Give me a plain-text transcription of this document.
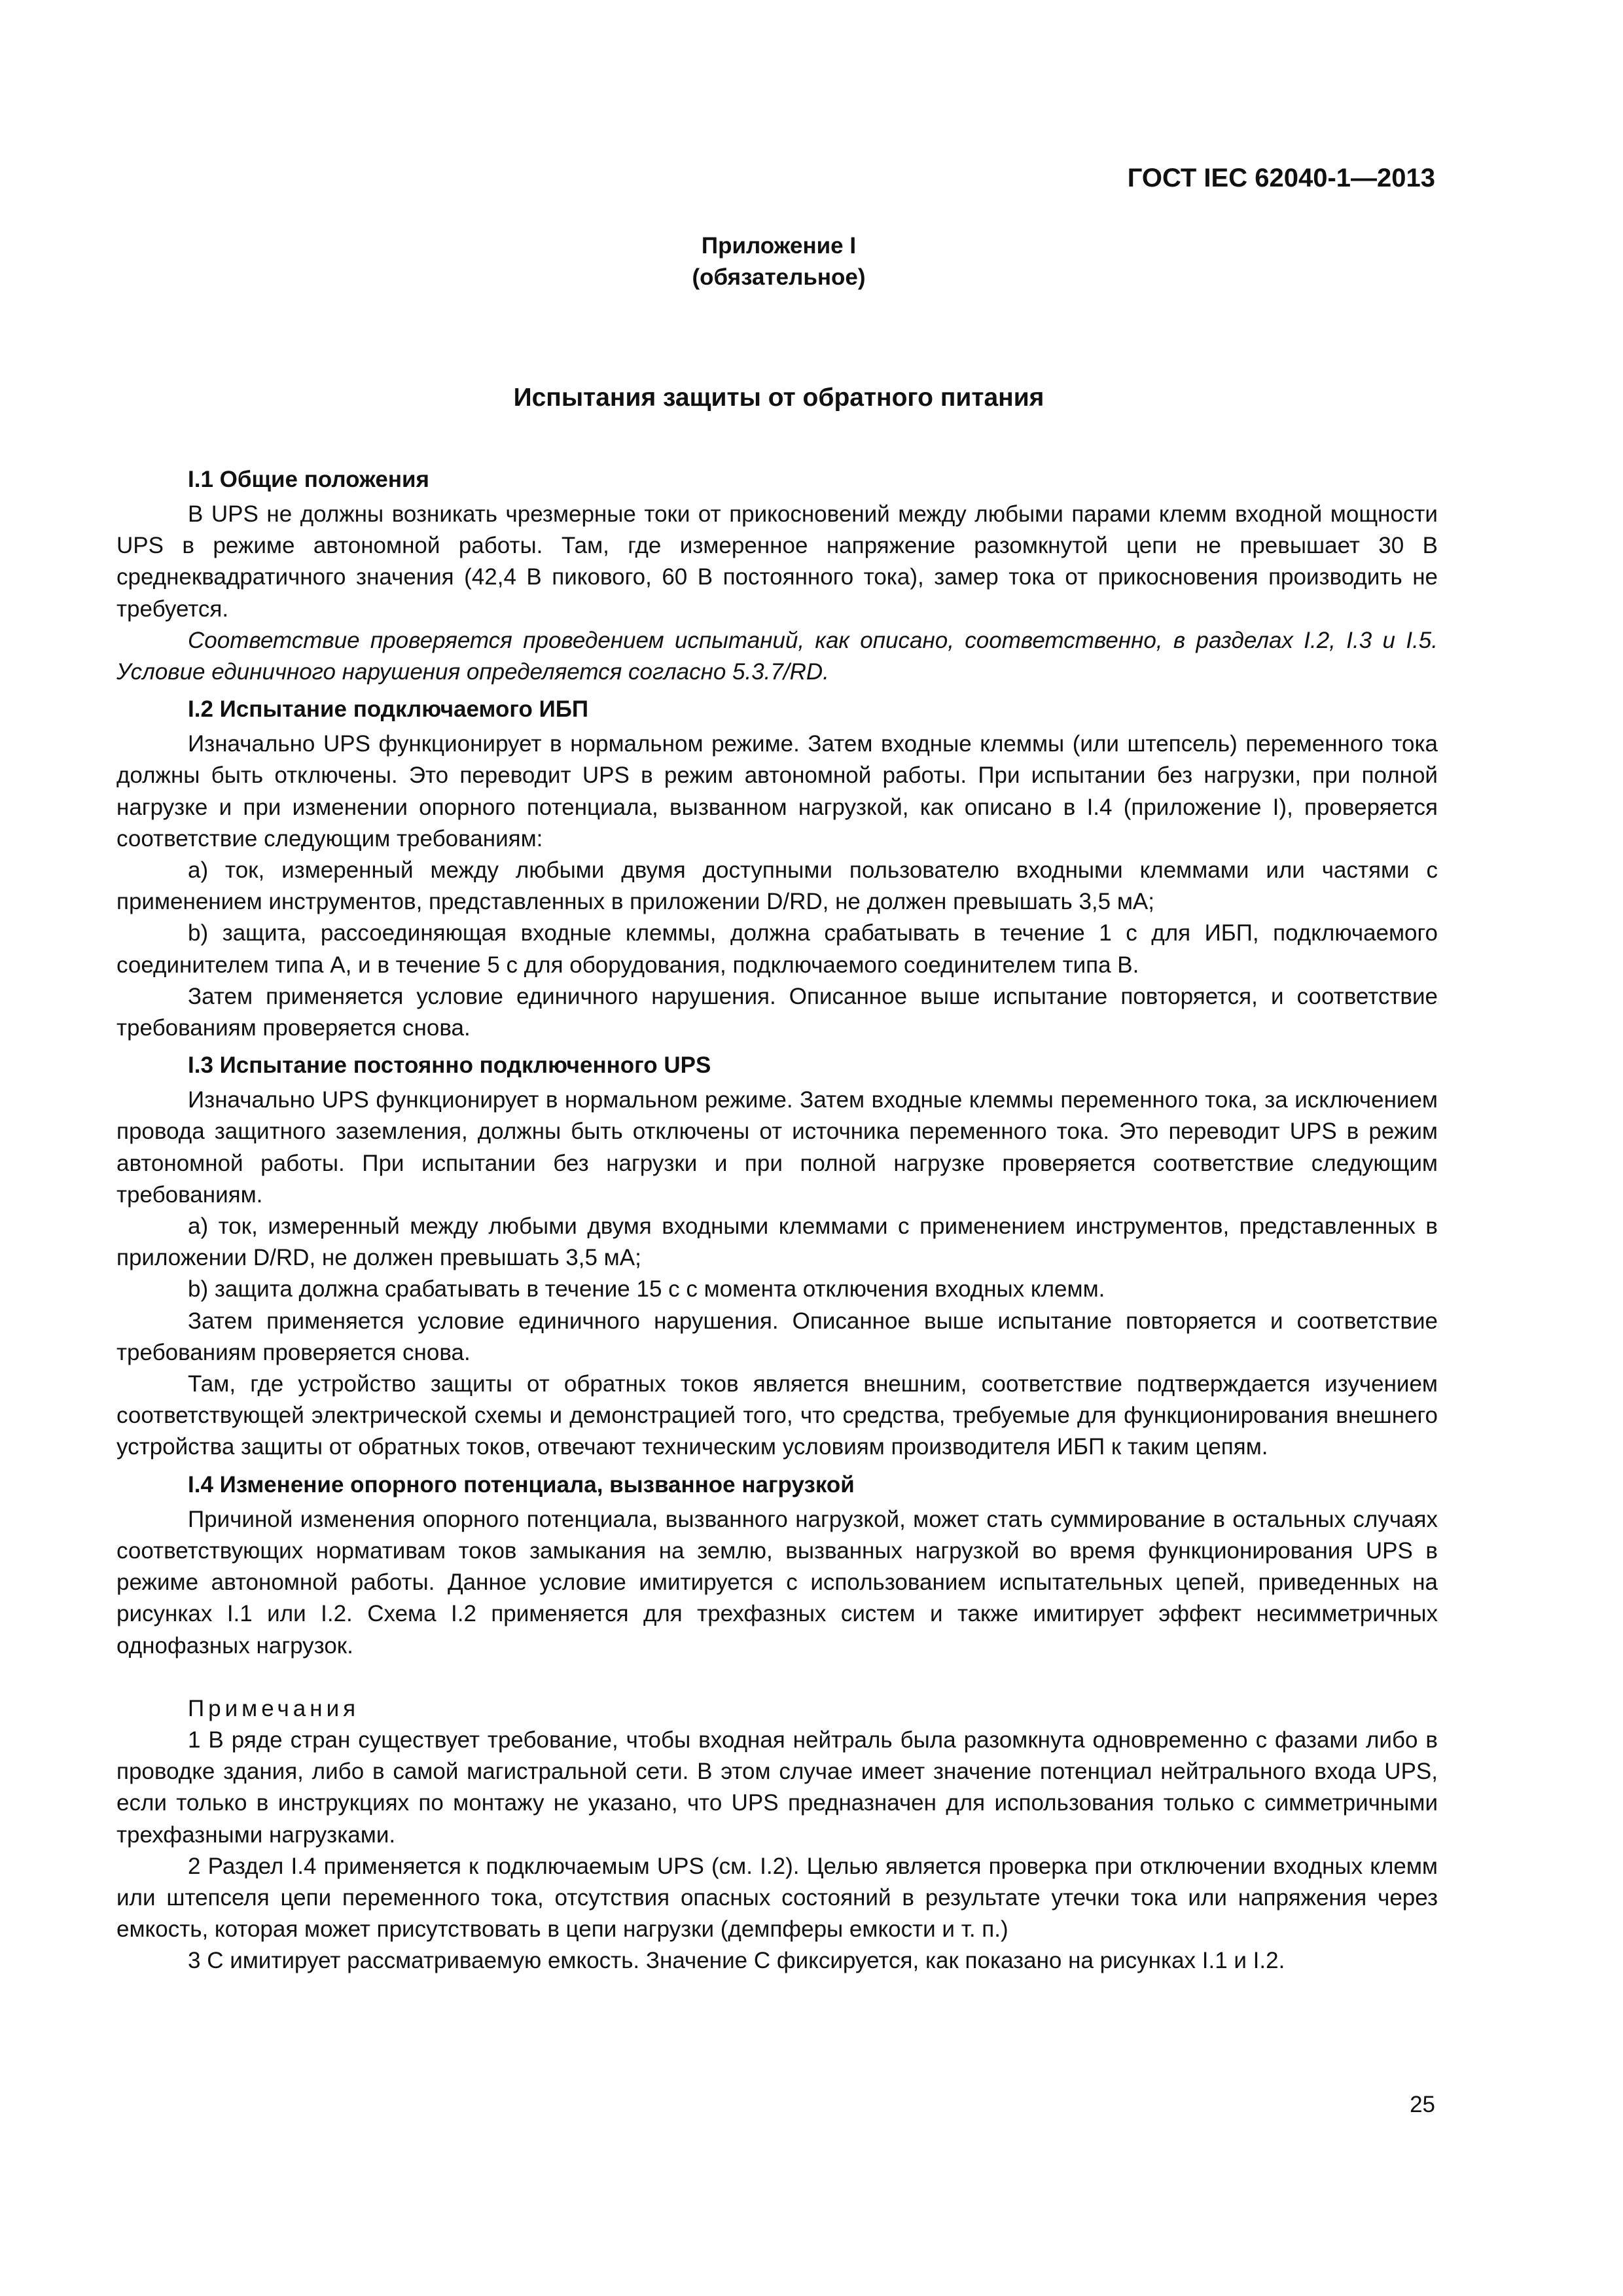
ГОСТ IEC 62040-1—2013
Приложение I
(обязательное)
Испытания защиты от обратного питания
I.1 Общие положения

В UPS не должны возникать чрезмерные токи от прикосновений между любыми парами клемм входной мощности UPS в режиме автономной работы. Там, где измеренное напряжение разомкнутой цепи не превышает 30 В среднеквадратичного значения (42,4 В пикового, 60 В постоянного тока), замер тока от прикосновения производить не требуется.

Соответствие проверяется проведением испытаний, как описано, соответственно, в разделах I.2, I.3 и I.5. Условие единичного нарушения определяется согласно 5.3.7/RD.

I.2 Испытание подключаемого ИБП

Изначально UPS функционирует в нормальном режиме. Затем входные клеммы (или штепсель) переменного тока должны быть отключены. Это переводит UPS в режим автономной работы. При испытании без нагрузки, при полной нагрузке и при изменении опорного потенциала, вызванном нагрузкой, как описано в I.4 (приложение I), проверяется соответствие следующим требованиям:

a) ток, измеренный между любыми двумя доступными пользователю входными клеммами или частями с применением инструментов, представленных в приложении D/RD, не должен превышать 3,5 мА;

b) защита, рассоединяющая входные клеммы, должна срабатывать в течение 1 с для ИБП, подключаемого соединителем типа А, и в течение 5 с для оборудования, подключаемого соединителем типа В.

Затем применяется условие единичного нарушения. Описанное выше испытание повторяется, и соответствие требованиям проверяется снова.

I.3 Испытание постоянно подключенного UPS

Изначально UPS функционирует в нормальном режиме. Затем входные клеммы переменного тока, за исключением провода защитного заземления, должны быть отключены от источника переменного тока. Это переводит UPS в режим автономной работы. При испытании без нагрузки и при полной нагрузке проверяется соответствие следующим требованиям.

a) ток, измеренный между любыми двумя входными клеммами с применением инструментов, представленных в приложении D/RD, не должен превышать 3,5 мА;

b) защита должна срабатывать в течение 15 с с момента отключения входных клемм.

Затем применяется условие единичного нарушения. Описанное выше испытание повторяется и соответствие требованиям проверяется снова.

Там, где устройство защиты от обратных токов является внешним, соответствие подтверждается изучением соответствующей электрической схемы и демонстрацией того, что средства, требуемые для функционирования внешнего устройства защиты от обратных токов, отвечают техническим условиям производителя ИБП к таким цепям.

I.4 Изменение опорного потенциала, вызванное нагрузкой

Причиной изменения опорного потенциала, вызванного нагрузкой, может стать суммирование в остальных случаях соответствующих нормативам токов замыкания на землю, вызванных нагрузкой во время функционирования UPS в режиме автономной работы. Данное условие имитируется с использованием испытательных цепей, приведенных на рисунках I.1 или I.2. Схема I.2 применяется для трехфазных систем и также имитирует эффект несимметричных однофазных нагрузок.

Примечания

1 В ряде стран существует требование, чтобы входная нейтраль была разомкнута одновременно с фазами либо в проводке здания, либо в самой магистральной сети. В этом случае имеет значение потенциал нейтрального входа UPS, если только в инструкциях по монтажу не указано, что UPS предназначен для использования только с симметричными трехфазными нагрузками.

2 Раздел I.4 применяется к подключаемым UPS (см. I.2). Целью является проверка при отключении входных клемм или штепселя цепи переменного тока, отсутствия опасных состояний в результате утечки тока или напряжения через емкость, которая может присутствовать в цепи нагрузки (демпферы емкости и т. п.)

3 С имитирует рассматриваемую емкость. Значение С фиксируется, как показано на рисунках I.1 и I.2.

25
